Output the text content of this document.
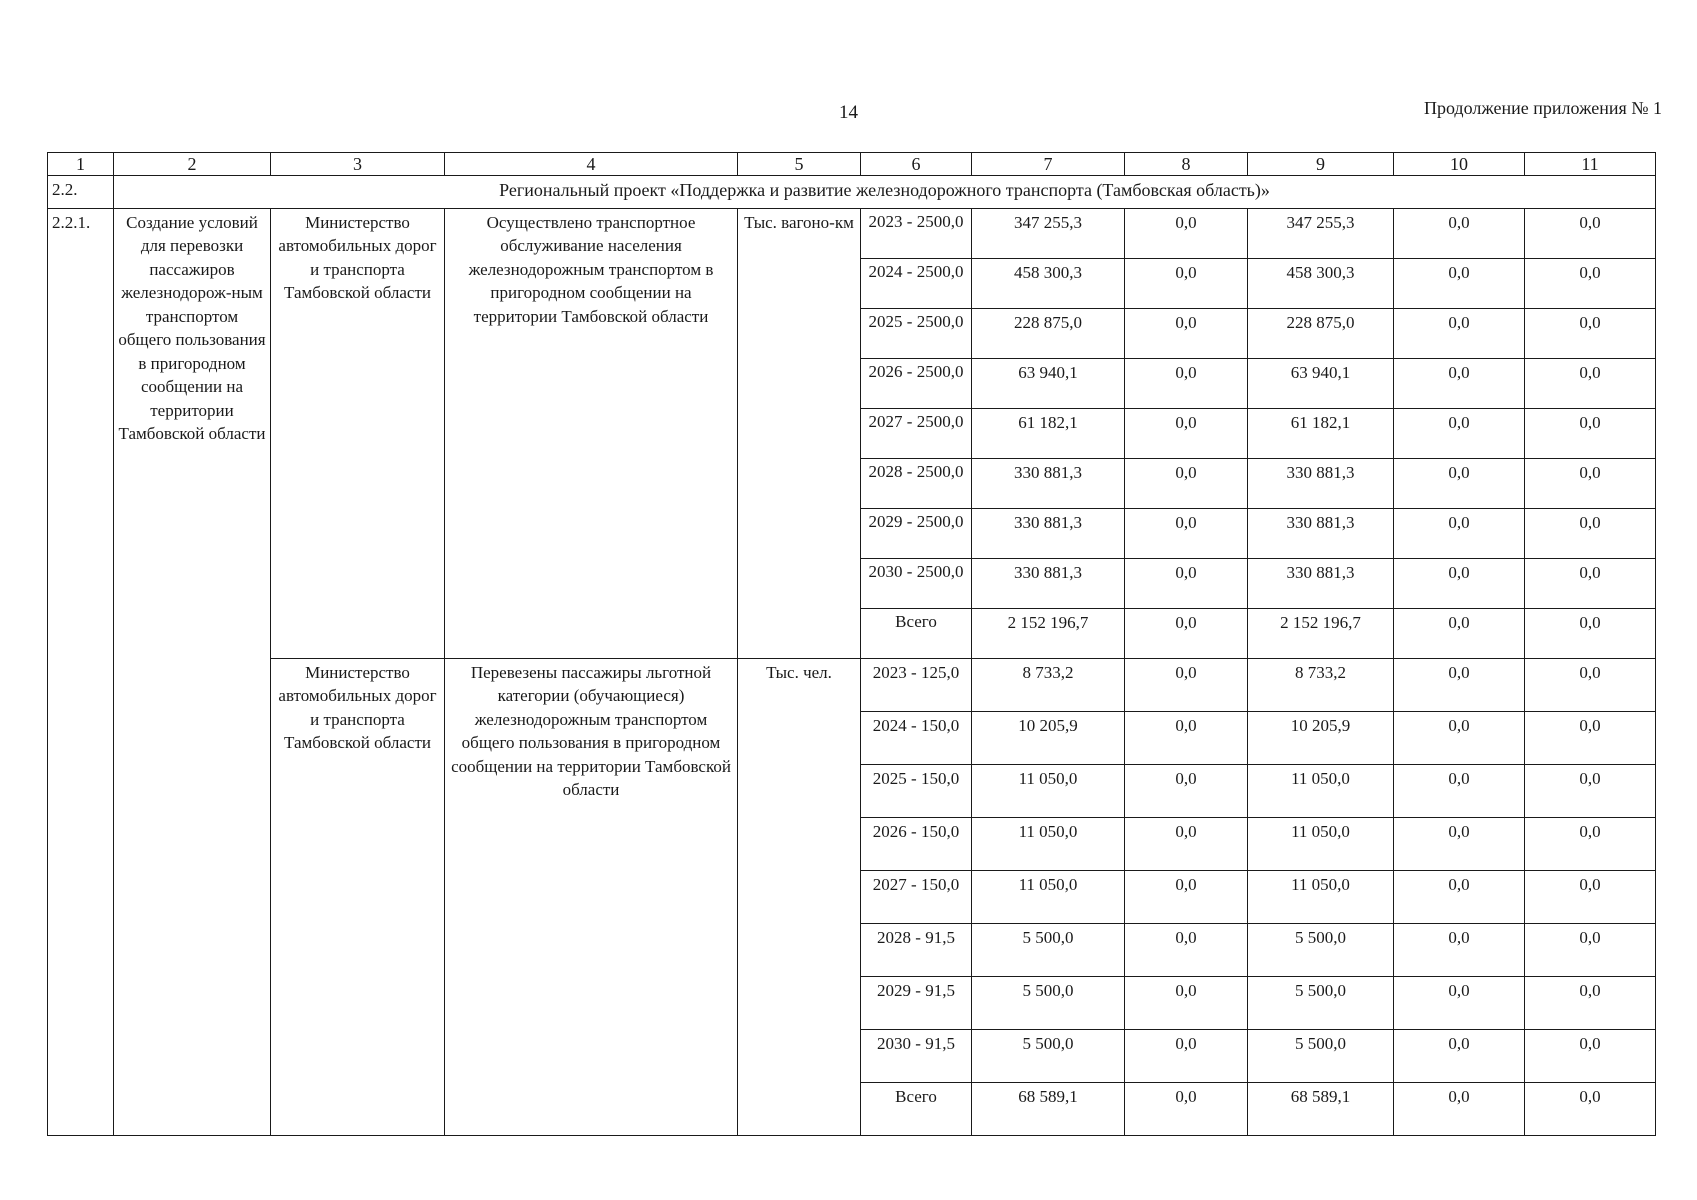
14	Продолжение приложения № 1
1	2	3	4	5	6	7	8	9	10	11
2.2.	Региональный проект «Поддержка и развитие железнодорожного транспорта (Тамбовская область)»									
2.2.1.	Создание условий для перевозки пассажиров железнодорож-ным транспортом общего пользования в пригородном сообщении на территории Тамбовской области	Министерство автомобильных дорог и транспорта Тамбовской области	Осуществлено транспортное обслуживание населения железнодорожным транспортом в пригородном сообщении на территории Тамбовской области	Тыс. вагоно-км	2023 - 2500,0	347 255,3	0,0	347 255,3	0,0	0,0
					2024 - 2500,0	458 300,3	0,0	458 300,3	0,0	0,0
					2025 - 2500,0	228 875,0	0,0	228 875,0	0,0	0,0
					2026 - 2500,0	63 940,1	0,0	63 940,1	0,0	0,0
					2027 - 2500,0	61 182,1	0,0	61 182,1	0,0	0,0
					2028 - 2500,0	330 881,3	0,0	330 881,3	0,0	0,0
					2029 - 2500,0	330 881,3	0,0	330 881,3	0,0	0,0
					2030 - 2500,0	330 881,3	0,0	330 881,3	0,0	0,0
					Всего	2 152 196,7	0,0	2 152 196,7	0,0	0,0
		Министерство автомобильных дорог и транспорта Тамбовской области	Перевезены пассажиры льготной категории (обучающиеся) железнодорожным транспортом общего пользования в пригородном сообщении на территории Тамбовской области	Тыс. чел.	2023 - 125,0	8 733,2	0,0	8 733,2	0,0	0,0
					2024 - 150,0	10 205,9	0,0	10 205,9	0,0	0,0
					2025 - 150,0	11 050,0	0,0	11 050,0	0,0	0,0
					2026 - 150,0	11 050,0	0,0	11 050,0	0,0	0,0
					2027 - 150,0	11 050,0	0,0	11 050,0	0,0	0,0
					2028 - 91,5	5 500,0	0,0	5 500,0	0,0	0,0
					2029 - 91,5	5 500,0	0,0	5 500,0	0,0	0,0
					2030 - 91,5	5 500,0	0,0	5 500,0	0,0	0,0
					Всего	68 589,1	0,0	68 589,1	0,0	0,0
